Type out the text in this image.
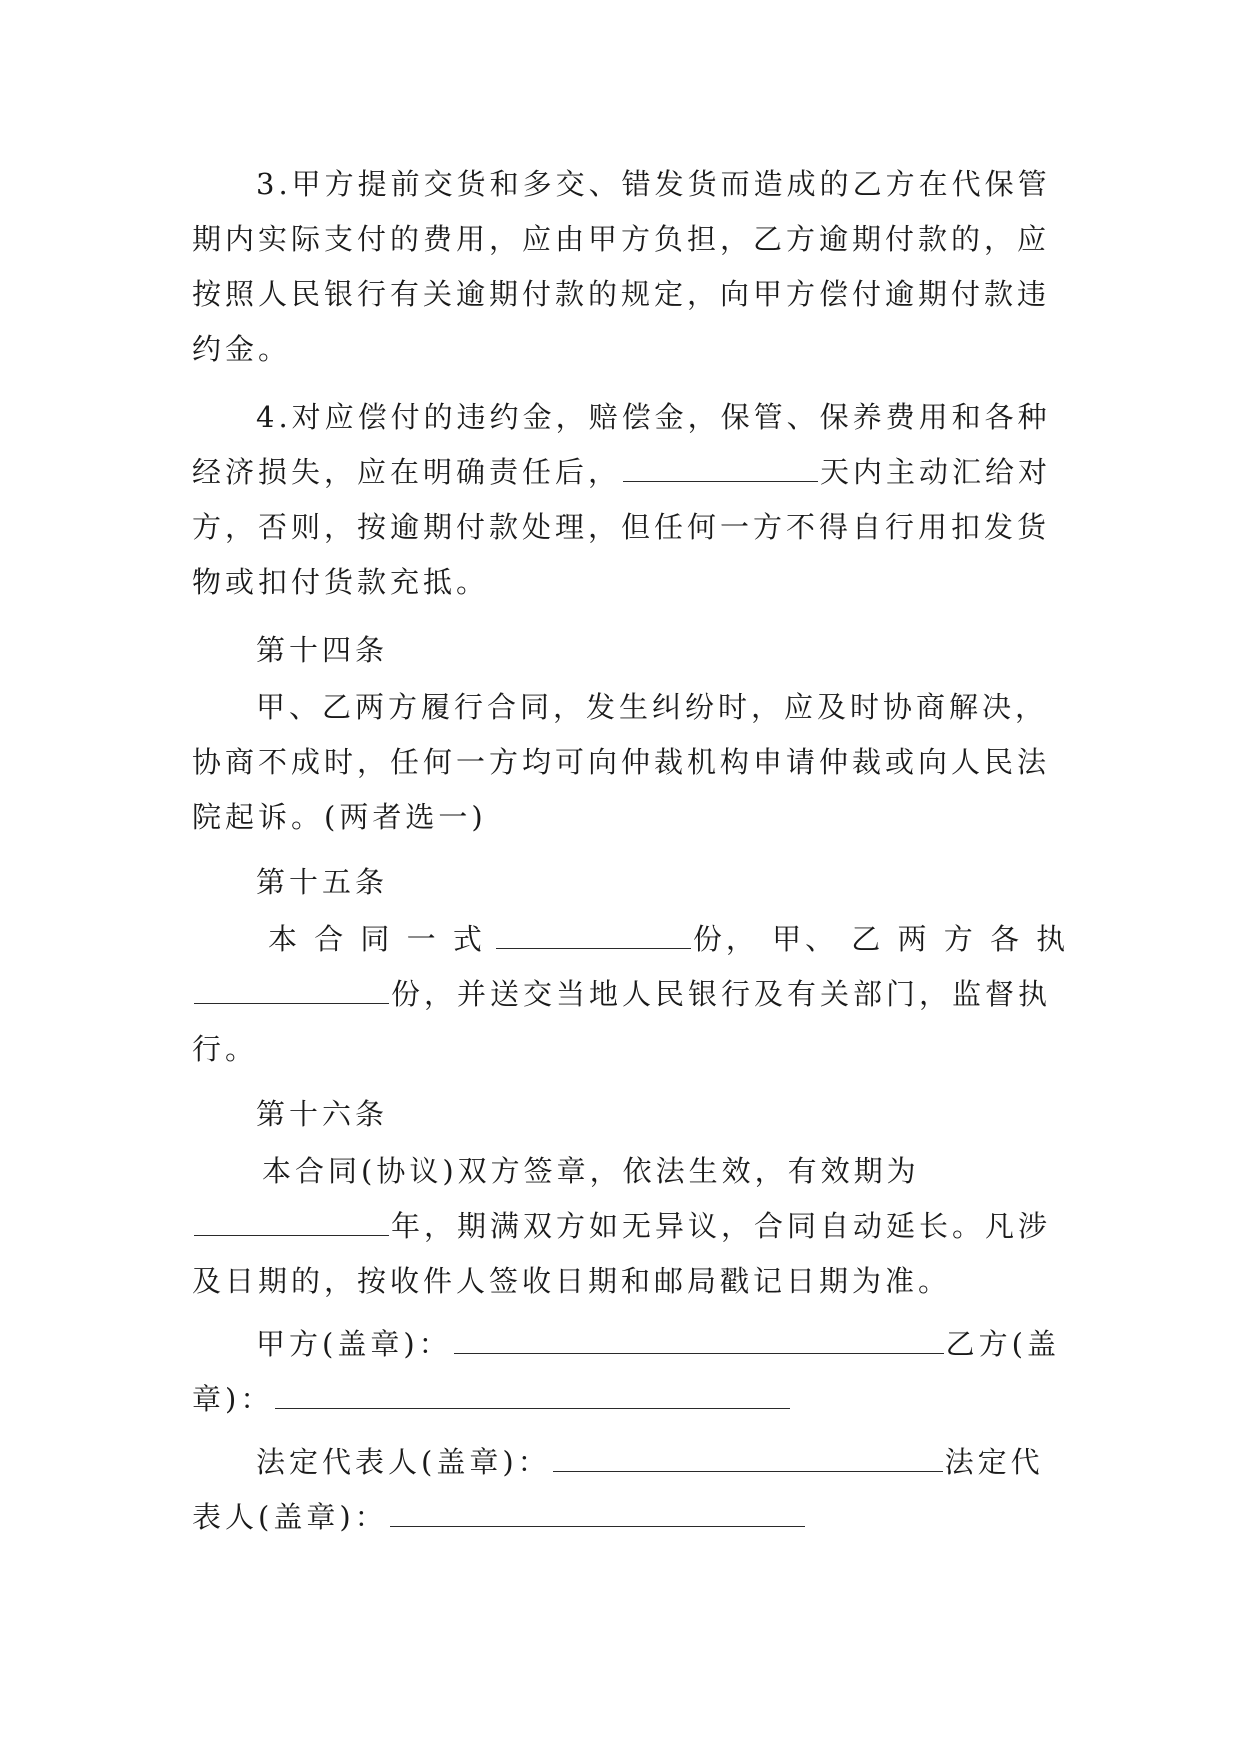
3.甲方提前交货和多交、错发货而造成的乙方在代保管
期内实际支付的费用，应由甲方负担，乙方逾期付款的，应
按照人民银行有关逾期付款的规定，向甲方偿付逾期付款违
约金。
4.对应偿付的违约金，赔偿金，保管、保养费用和各种
经济损失，应在明确责任后，	天内主动汇给对
方，否则，按逾期付款处理，但任何一方不得自行用扣发货
物或扣付货款充抵。
第十四条
甲、乙两方履行合同，发生纠纷时，应及时协商解决，
协商不成时，任何一方均可向仲裁机构申请仲裁或向人民法
院起诉。(两者选一)
第十五条
本 合 同 一 式	份， 甲、 乙 两 方 各 执
份，并送交当地人民银行及有关部门，监督执
行。
第十六条
本合同(协议)双方签章，依法生效，有效期为
年，期满双方如无异议，合同自动延长。凡涉
及日期的，按收件人签收日期和邮局戳记日期为准。
甲方(盖章)：	乙方(盖
章)：
法定代表人(盖章)：	法定代
表人(盖章)：
